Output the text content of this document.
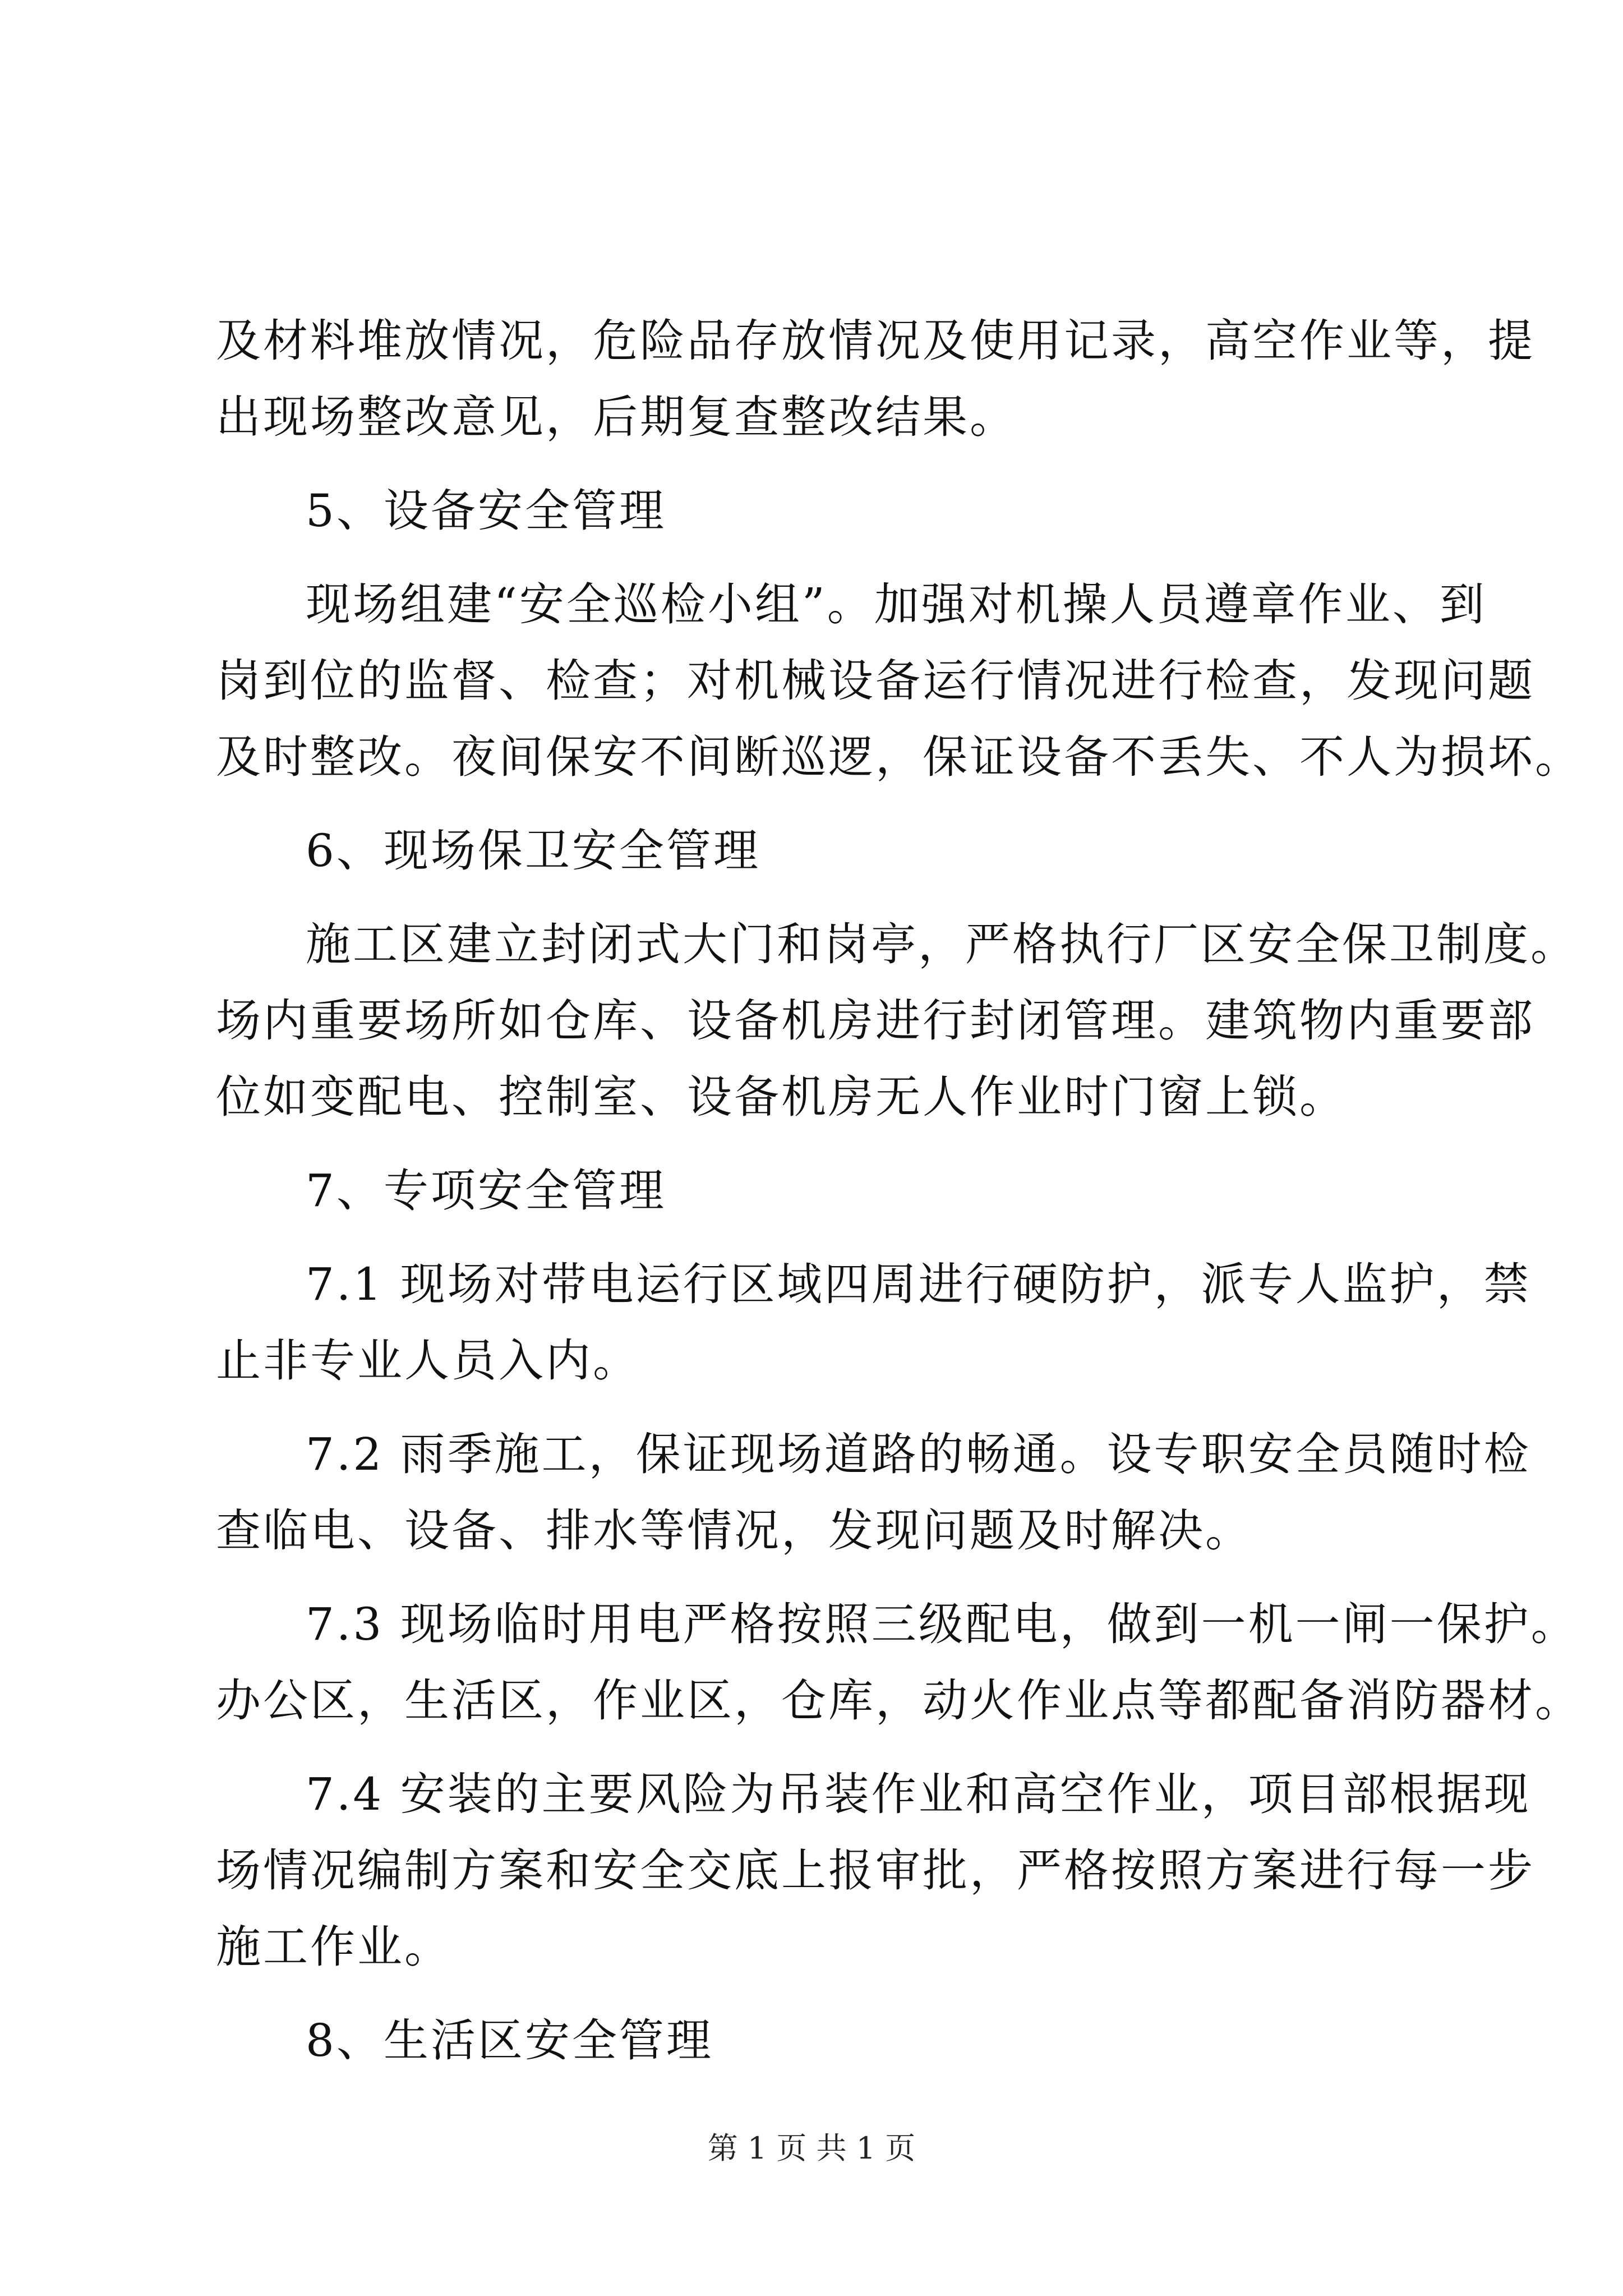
及材料堆放情况，危险品存放情况及使用记录，高空作业等，提
出现场整改意见，后期复查整改结果。
5、设备安全管理
现场组建“安全巡检小组”。加强对机操人员遵章作业、到
岗到位的监督、检查；对机械设备运行情况进行检查，发现问题
及时整改。夜间保安不间断巡逻，保证设备不丢失、不人为损坏。
6、现场保卫安全管理
施工区建立封闭式大门和岗亭，严格执行厂区安全保卫制度。
场内重要场所如仓库、设备机房进行封闭管理。建筑物内重要部
位如变配电、控制室、设备机房无人作业时门窗上锁。
7、专项安全管理
7.1 现场对带电运行区域四周进行硬防护，派专人监护，禁
止非专业人员入内。
7.2 雨季施工，保证现场道路的畅通。设专职安全员随时检
查临电、设备、排水等情况，发现问题及时解决。
7.3 现场临时用电严格按照三级配电，做到一机一闸一保护。
办公区，生活区，作业区，仓库，动火作业点等都配备消防器材。
7.4 安装的主要风险为吊装作业和高空作业，项目部根据现
场情况编制方案和安全交底上报审批，严格按照方案进行每一步
施工作业。
8、生活区安全管理
第 1 页 共 1 页
